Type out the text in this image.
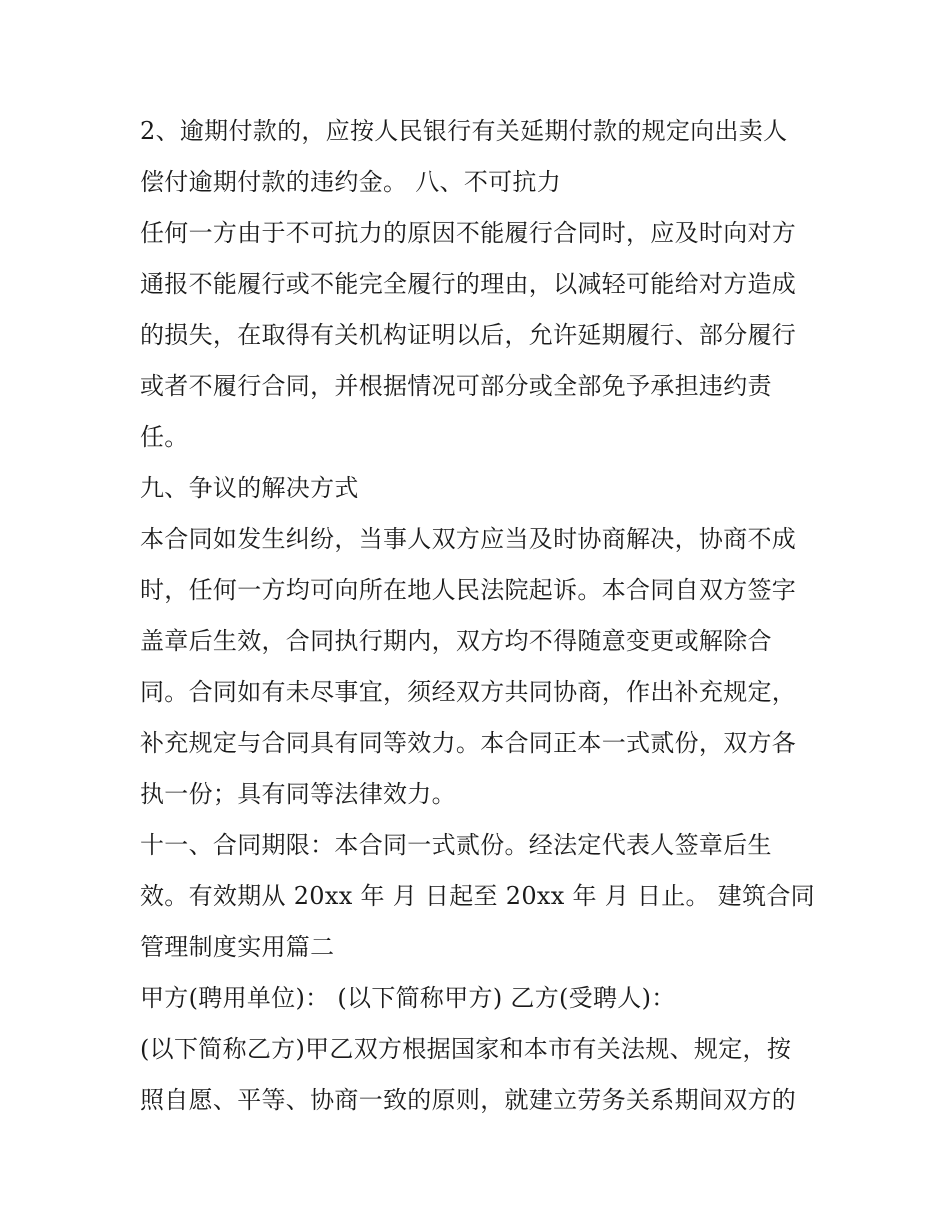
2、逾期付款的，应按人民银行有关延期付款的规定向出卖人
偿付逾期付款的违约金。 八、不可抗力
任何一方由于不可抗力的原因不能履行合同时，应及时向对方
通报不能履行或不能完全履行的理由，以减轻可能给对方造成
的损失，在取得有关机构证明以后，允许延期履行、部分履行
或者不履行合同，并根据情况可部分或全部免予承担违约责
任。
九、争议的解决方式
本合同如发生纠纷，当事人双方应当及时协商解决，协商不成
时，任何一方均可向所在地人民法院起诉。本合同自双方签字
盖章后生效，合同执行期内，双方均不得随意变更或解除合
同。合同如有未尽事宜，须经双方共同协商，作出补充规定，
补充规定与合同具有同等效力。本合同正本一式贰份，双方各
执一份；具有同等法律效力。
十一、合同期限：本合同一式贰份。经法定代表人签章后生
效。有效期从 20xx 年 月 日起至 20xx 年 月 日止。 建筑合同
管理制度实用篇二
甲方(聘用单位)： (以下简称甲方) 乙方(受聘人)：
(以下简称乙方)甲乙双方根据国家和本市有关法规、规定，按
照自愿、平等、协商一致的原则，就建立劳务关系期间双方的
